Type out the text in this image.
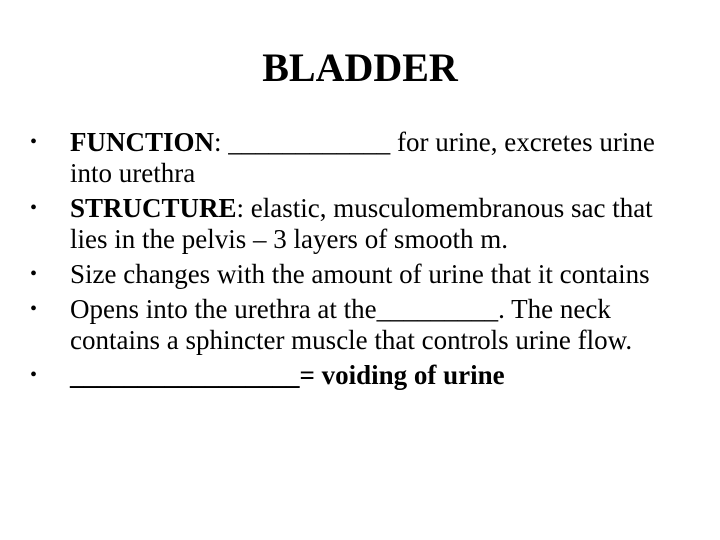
BLADDER
• FUNCTION: ____________ for urine, excretes urine into urethra
• STRUCTURE: elastic, musculomembranous sac that lies in the pelvis – 3 layers of smooth m.
• Size changes with the amount of urine that it contains
• Opens into the urethra at the_________. The neck contains a sphincter muscle that controls urine flow.
• _________________= voiding of urine
